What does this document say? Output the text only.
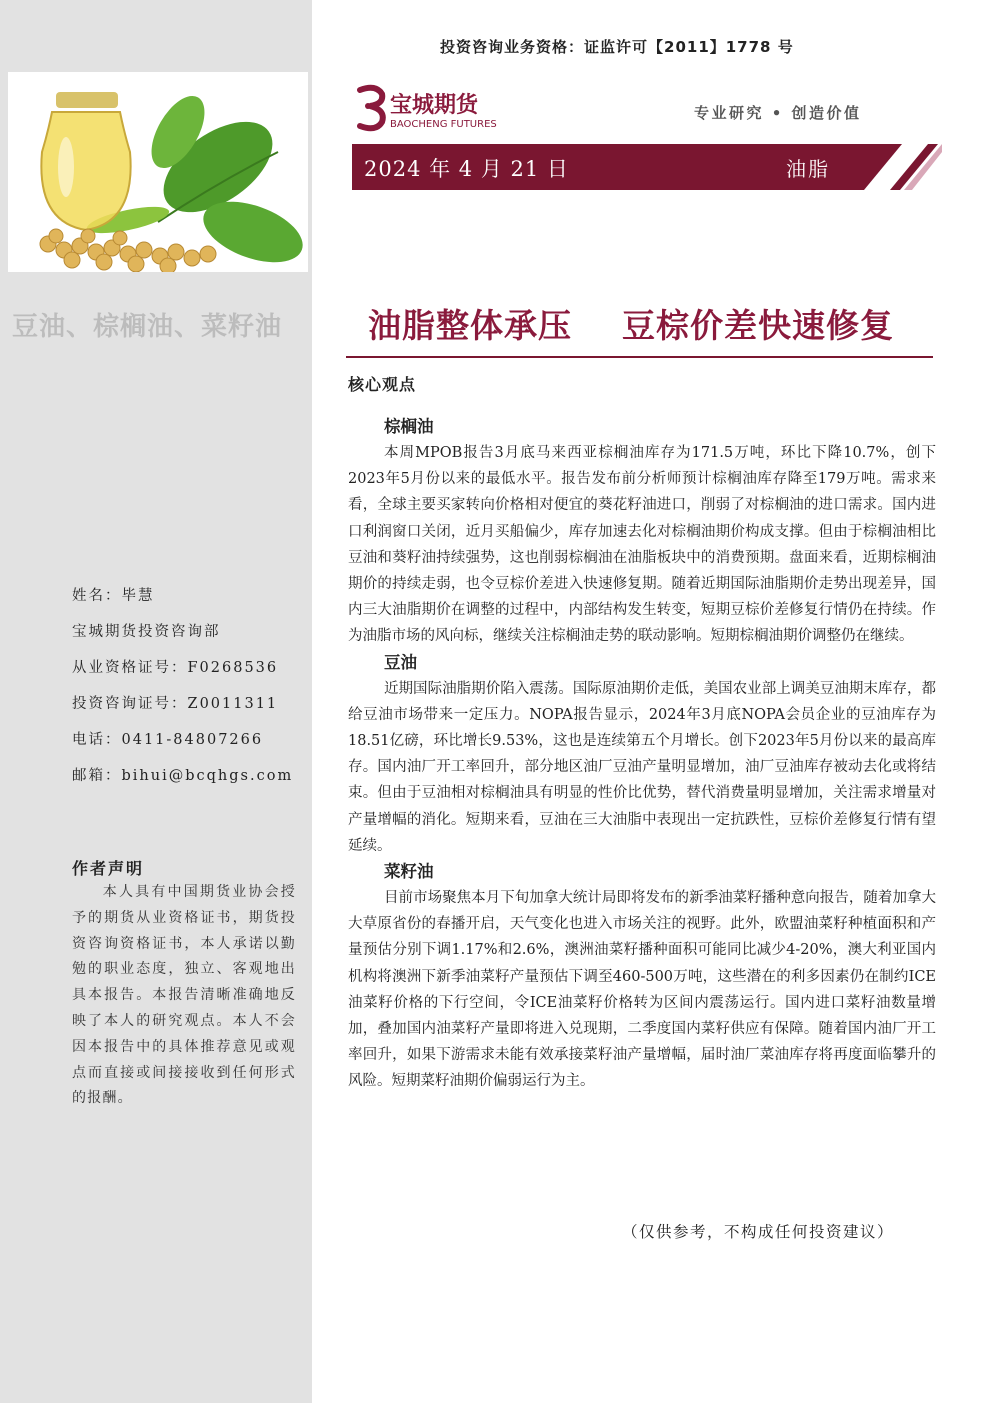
豆油、棕榈油、菜籽油
姓名：毕慧
宝城期货投资咨询部
从业资格证号：F0268536
投资咨询证号：Z0011311
电话：0411-84807266
邮箱：bihui@bcqhgs.com
作者声明
本人具有中国期货业协会授予的期货从业资格证书，期货投资咨询资格证书，本人承诺以勤勉的职业态度，独立、客观地出具本报告。本报告清晰准确地反映了本人的研究观点。本人不会因本报告中的具体推荐意见或观点而直接或间接接收到任何形式的报酬。
投资咨询业务资格：证监许可【2011】1778 号
宝城期货
BAOCHENG FUTURES
专业研究 • 创造价值
2024 年 4 月 21 日	油脂
油脂整体承压    豆棕价差快速修复
核心观点

棕榈油

本周MPOB报告3月底马来西亚棕榈油库存为171.5万吨，环比下降10.7%，创下2023年5月份以来的最低水平。报告发布前分析师预计棕榈油库存降至179万吨。需求来看，全球主要买家转向价格相对便宜的葵花籽油进口，削弱了对棕榈油的进口需求。国内进口利润窗口关闭，近月买船偏少，库存加速去化对棕榈油期价构成支撑。但由于棕榈油相比豆油和葵籽油持续强势，这也削弱棕榈油在油脂板块中的消费预期。盘面来看，近期棕榈油期价的持续走弱，也令豆棕价差进入快速修复期。随着近期国际油脂期价走势出现差异，国内三大油脂期价在调整的过程中，内部结构发生转变，短期豆棕价差修复行情仍在持续。作为油脂市场的风向标，继续关注棕榈油走势的联动影响。短期棕榈油期价调整仍在继续。

豆油

近期国际油脂期价陷入震荡。国际原油期价走低，美国农业部上调美豆油期末库存，都给豆油市场带来一定压力。NOPA报告显示，2024年3月底NOPA会员企业的豆油库存为18.51亿磅，环比增长9.53%，这也是连续第五个月增长。创下2023年5月份以来的最高库存。国内油厂开工率回升，部分地区油厂豆油产量明显增加，油厂豆油库存被动去化或将结束。但由于豆油相对棕榈油具有明显的性价比优势，替代消费量明显增加，关注需求增量对产量增幅的消化。短期来看，豆油在三大油脂中表现出一定抗跌性，豆棕价差修复行情有望延续。

菜籽油

目前市场聚焦本月下旬加拿大统计局即将发布的新季油菜籽播种意向报告，随着加拿大大草原省份的春播开启，天气变化也进入市场关注的视野。此外，欧盟油菜籽种植面积和产量预估分别下调1.17%和2.6%，澳洲油菜籽播种面积可能同比减少4-20%，澳大利亚国内机构将澳洲下新季油菜籽产量预估下调至460-500万吨，这些潜在的利多因素仍在制约ICE油菜籽价格的下行空间，令ICE油菜籽价格转为区间内震荡运行。国内进口菜籽油数量增加，叠加国内油菜籽产量即将进入兑现期，二季度国内菜籽供应有保障。随着国内油厂开工率回升，如果下游需求未能有效承接菜籽油产量增幅，届时油厂菜油库存将再度面临攀升的风险。短期菜籽油期价偏弱运行为主。

（仅供参考，不构成任何投资建议）
